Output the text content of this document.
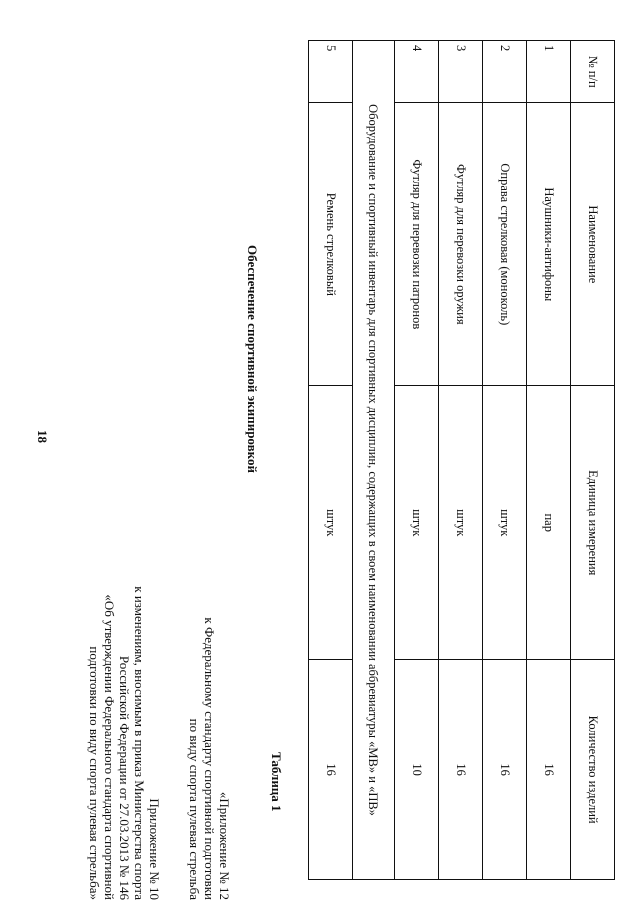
18
Приложение № 10
к изменениям, вносимым в приказ Министерства спорта
Российской Федерации от 27.03.2013 № 146
«Об утверждении Федерального стандарта спортивной
подготовки по виду спорта пулевая стрельба»	«Приложение № 12
к Федеральному стандарту спортивной подготовки
по виду спорта пулевая стрельба
Обеспечение спортивной экипировкой
Таблица 1
№ п/п	Наименование	Единица измерения	Количество изделий
1	Наушники-антифоны	пар	16
2	Оправа стрелковая (моноколь)	штук	16
3	Футляр для перевозки оружия	штук	16
4	Футляр для перевозки патронов	штук	10
Оборудование и спортивный инвентарь для спортивных дисциплин, содержащих в своем наименовании аббревиатуры «МВ» и «ПВ»			
5	Ремень стрелковый	штук	16
